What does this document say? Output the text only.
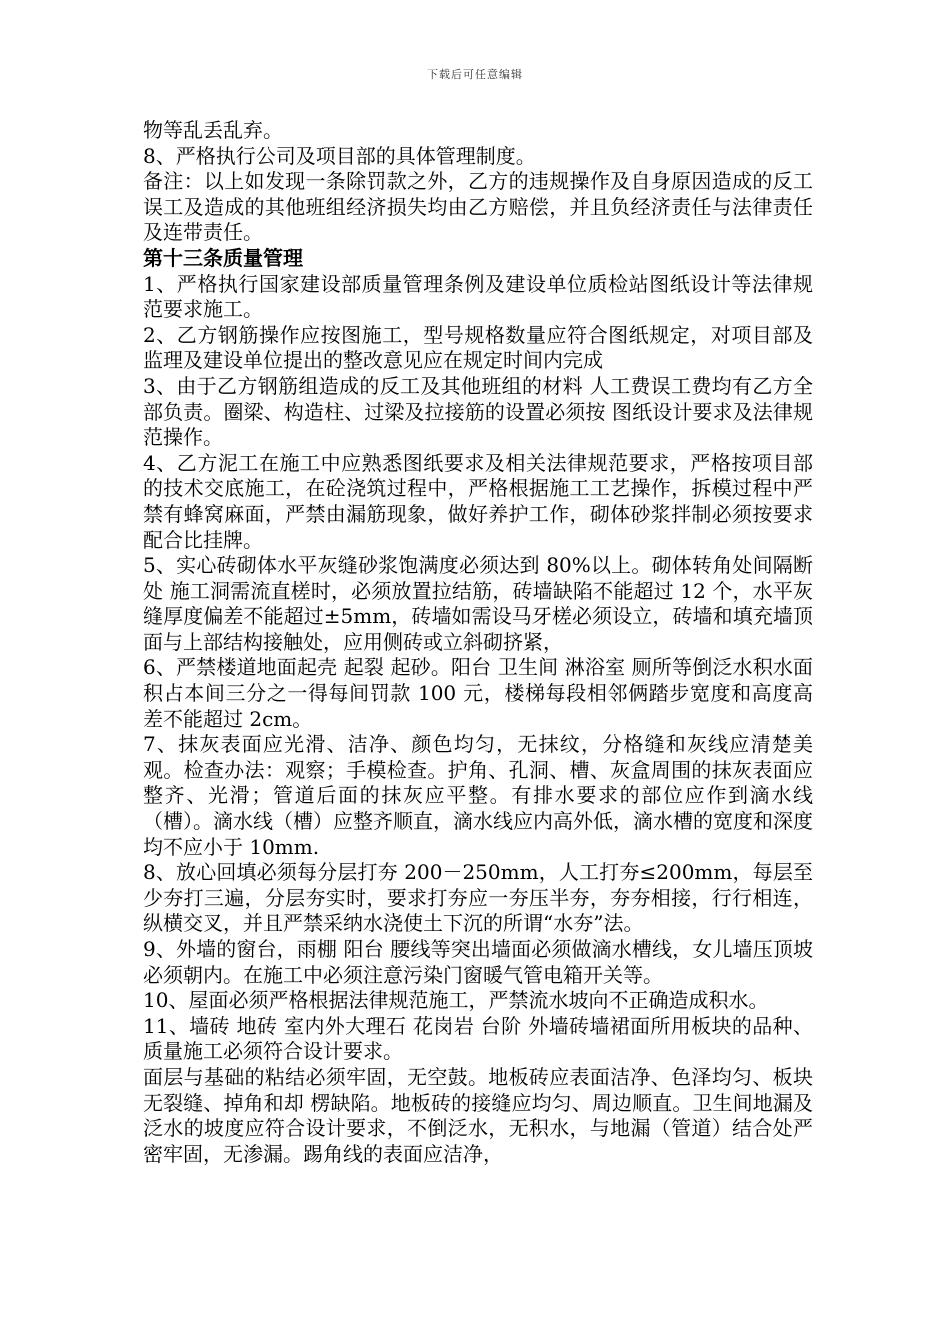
下载后可任意编辑

物等乱丢乱弃。

8、严格执行公司及项目部的具体管理制度。

备注：以上如发现一条除罚款之外，乙方的违规操作及自身原因造成的反工误工及造成的其他班组经济损失均由乙方赔偿，并且负经济责任与法律责任及连带责任。

第十三条质量管理

1、严格执行国家建设部质量管理条例及建设单位质检站图纸设计等法律规范要求施工。

2、乙方钢筋操作应按图施工，型号规格数量应符合图纸规定，对项目部及监理及建设单位提出的整改意见应在规定时间内完成

3、由于乙方钢筋组造成的反工及其他班组的材料 人工费误工费均有乙方全部负责。圈梁、构造柱、过梁及拉接筋的设置必须按 图纸设计要求及法律规范操作。

4、乙方泥工在施工中应熟悉图纸要求及相关法律规范要求，严格按项目部的技术交底施工，在砼浇筑过程中，严格根据施工工艺操作，拆模过程中严禁有蜂窝麻面，严禁由漏筋现象，做好养护工作，砌体砂浆拌制必须按要求配合比挂牌。

5、实心砖砌体水平灰缝砂浆饱满度必须达到 80%以上。砌体转角处间隔断处 施工洞需流直槎时，必须放置拉结筋，砖墙缺陷不能超过 12 个，水平灰缝厚度偏差不能超过±5mm，砖墙如需设马牙槎必须设立，砖墙和填充墙顶面与上部结构接触处，应用侧砖或立斜砌挤紧，

6、严禁楼道地面起壳 起裂 起砂。阳台 卫生间 淋浴室 厕所等倒泛水积水面积占本间三分之一得每间罚款 100 元，楼梯每段相邻俩踏步宽度和高度高差不能超过 2cm。

7、抹灰表面应光滑、洁净、颜色均匀，无抹纹，分格缝和灰线应清楚美观。检查办法：观察；手模检查。护角、孔洞、槽、灰盒周围的抹灰表面应整齐、光滑；管道后面的抹灰应平整。有排水要求的部位应作到滴水线（槽）。滴水线（槽）应整齐顺直，滴水线应内高外低，滴水槽的宽度和深度均不应小于 10mm.

8、放心回填必须每分层打夯 200－250mm，人工打夯≤200mm，每层至少夯打三遍，分层夯实时，要求打夯应一夯压半夯，夯夯相接，行行相连，纵横交叉，并且严禁采纳水浇使土下沉的所谓“水夯”法。

9、外墙的窗台，雨棚 阳台 腰线等突出墙面必须做滴水槽线，女儿墙压顶坡必须朝内。在施工中必须注意污染门窗暖气管电箱开关等。

10、屋面必须严格根据法律规范施工，严禁流水坡向不正确造成积水。

11、墙砖 地砖 室内外大理石 花岗岩 台阶 外墙砖墙裙面所用板块的品种、质量施工必须符合设计要求。

面层与基础的粘结必须牢固，无空鼓。地板砖应表面洁净、色泽均匀、板块无裂缝、掉角和却 楞缺陷。地板砖的接缝应均匀、周边顺直。卫生间地漏及泛水的坡度应符合设计要求，不倒泛水，无积水，与地漏（管道）结合处严密牢固，无渗漏。踢角线的表面应洁净，
